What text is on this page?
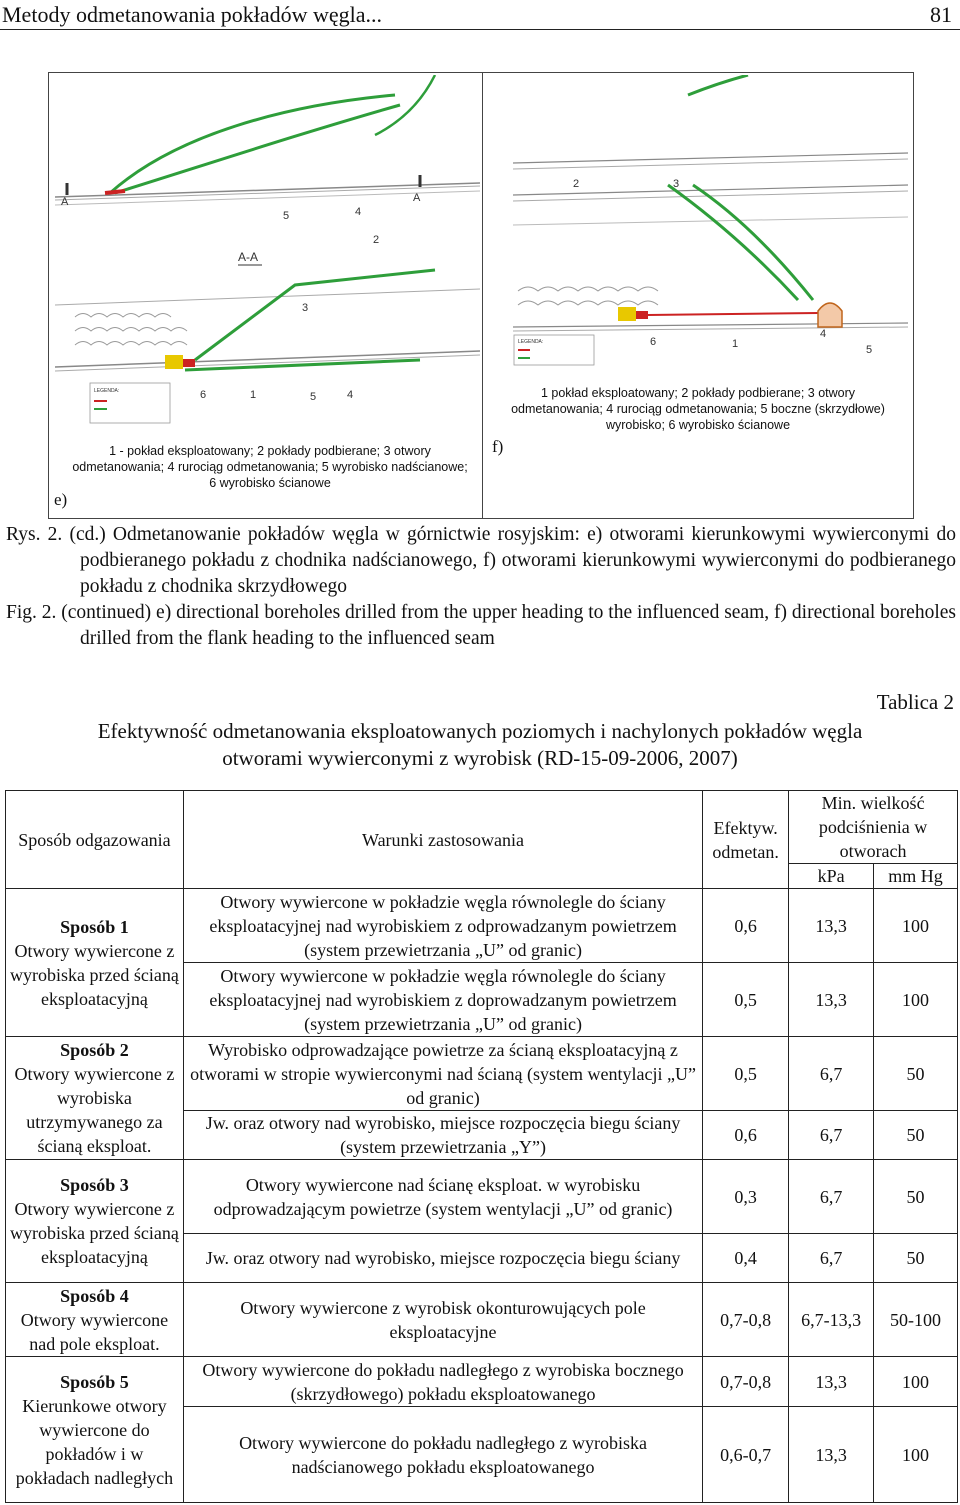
Metody odmetanowania pokładów węgla...	81
A	A
5	4
2
A-A
3
6	1	5	4
LEGENDA:
2	3
6	1
4
5
LEGENDA:
1 - pokład eksploatowany; 2 pokłady podbierane; 3 otwory odmetanowania; 4 rurociąg odmetanowania; 5 wyrobisko nadścianowe; 6 wyrobisko ścianowe
1 pokład eksploatowany; 2 pokłady podbierane; 3 otwory odmetanowania; 4 rurociąg odmetanowania; 5 boczne (skrzydłowe) wyrobisko; 6 wyrobisko ścianowe
e)
f)
Rys. 2. (cd.) Odmetanowanie pokładów węgla w górnictwie rosyjskim: e) otworami kierunkowymi wywierconymi do podbieranego pokładu z chodnika nadścianowego, f) otworami kierunkowymi wywierconymi do podbieranego pokładu z chodnika skrzydłowego
Fig. 2. (continued) e) directional boreholes drilled from the upper heading to the influenced seam, f) directional boreholes drilled from the flank heading to the influenced seam
Tablica 2
Efektywność odmetanowania eksploatowanych poziomych i nachylonych pokładów węgla
otworami wywierconymi z wyrobisk (RD-15-09-2006, 2007)
Sposób odgazowania	Warunki zastosowania	Efektyw. odmetan.	Min. wielkość podciśnienia w otworach	
			kPa	mm Hg

Sposób 1
Otwory wywiercone z wyrobiska przed ścianą eksploatacyjną	Otwory wywiercone w pokładzie węgla równolegle do ściany eksploatacyjnej nad wyrobiskiem z odprowadzanym powietrzem (system przewietrzania „U” od granic)	0,6	13,3	100
	Otwory wywiercone w pokładzie węgla równolegle do ściany eksploatacyjnej nad wyrobiskiem z doprowadzanym powietrzem (system przewietrzania „U” od granic)	0,5	13,3	100

Sposób 2
Otwory wywiercone z wyrobiska utrzymywanego za ścianą eksploat.	Wyrobisko odprowadzające powietrze za ścianą eksploatacyjną z otworami w stropie wywierconymi nad ścianą (system wentylacji „U” od granic)	0,5	6,7	50
	Jw. oraz otwory nad wyrobisko, miejsce rozpoczęcia biegu ściany (system przewietrzania „Y”)	0,6	6,7	50

Sposób 3
Otwory wywiercone z wyrobiska przed ścianą eksploatacyjną	Otwory wywiercone nad ścianę eksploat. w wyrobisku odprowadzającym powietrze (system wentylacji „U” od granic)	0,3	6,7	50
	Jw. oraz otwory nad wyrobisko, miejsce rozpoczęcia biegu ściany	0,4	6,7	50

Sposób 4
Otwory wywiercone nad pole eksploat.	Otwory wywiercone z wyrobisk okonturowujących pole eksploatacyjne	0,7-0,8	6,7-13,3	50-100

Sposób 5
Kierunkowe otwory wywiercone do pokładów i w pokładach nadległych	Otwory wywiercone do pokładu nadległego z wyrobiska bocznego (skrzydłowego) pokładu eksploatowanego	0,7-0,8	13,3	100
	Otwory wywiercone do pokładu nadległego z wyrobiska nadścianowego pokładu eksploatowanego	0,6-0,7	13,3	100
